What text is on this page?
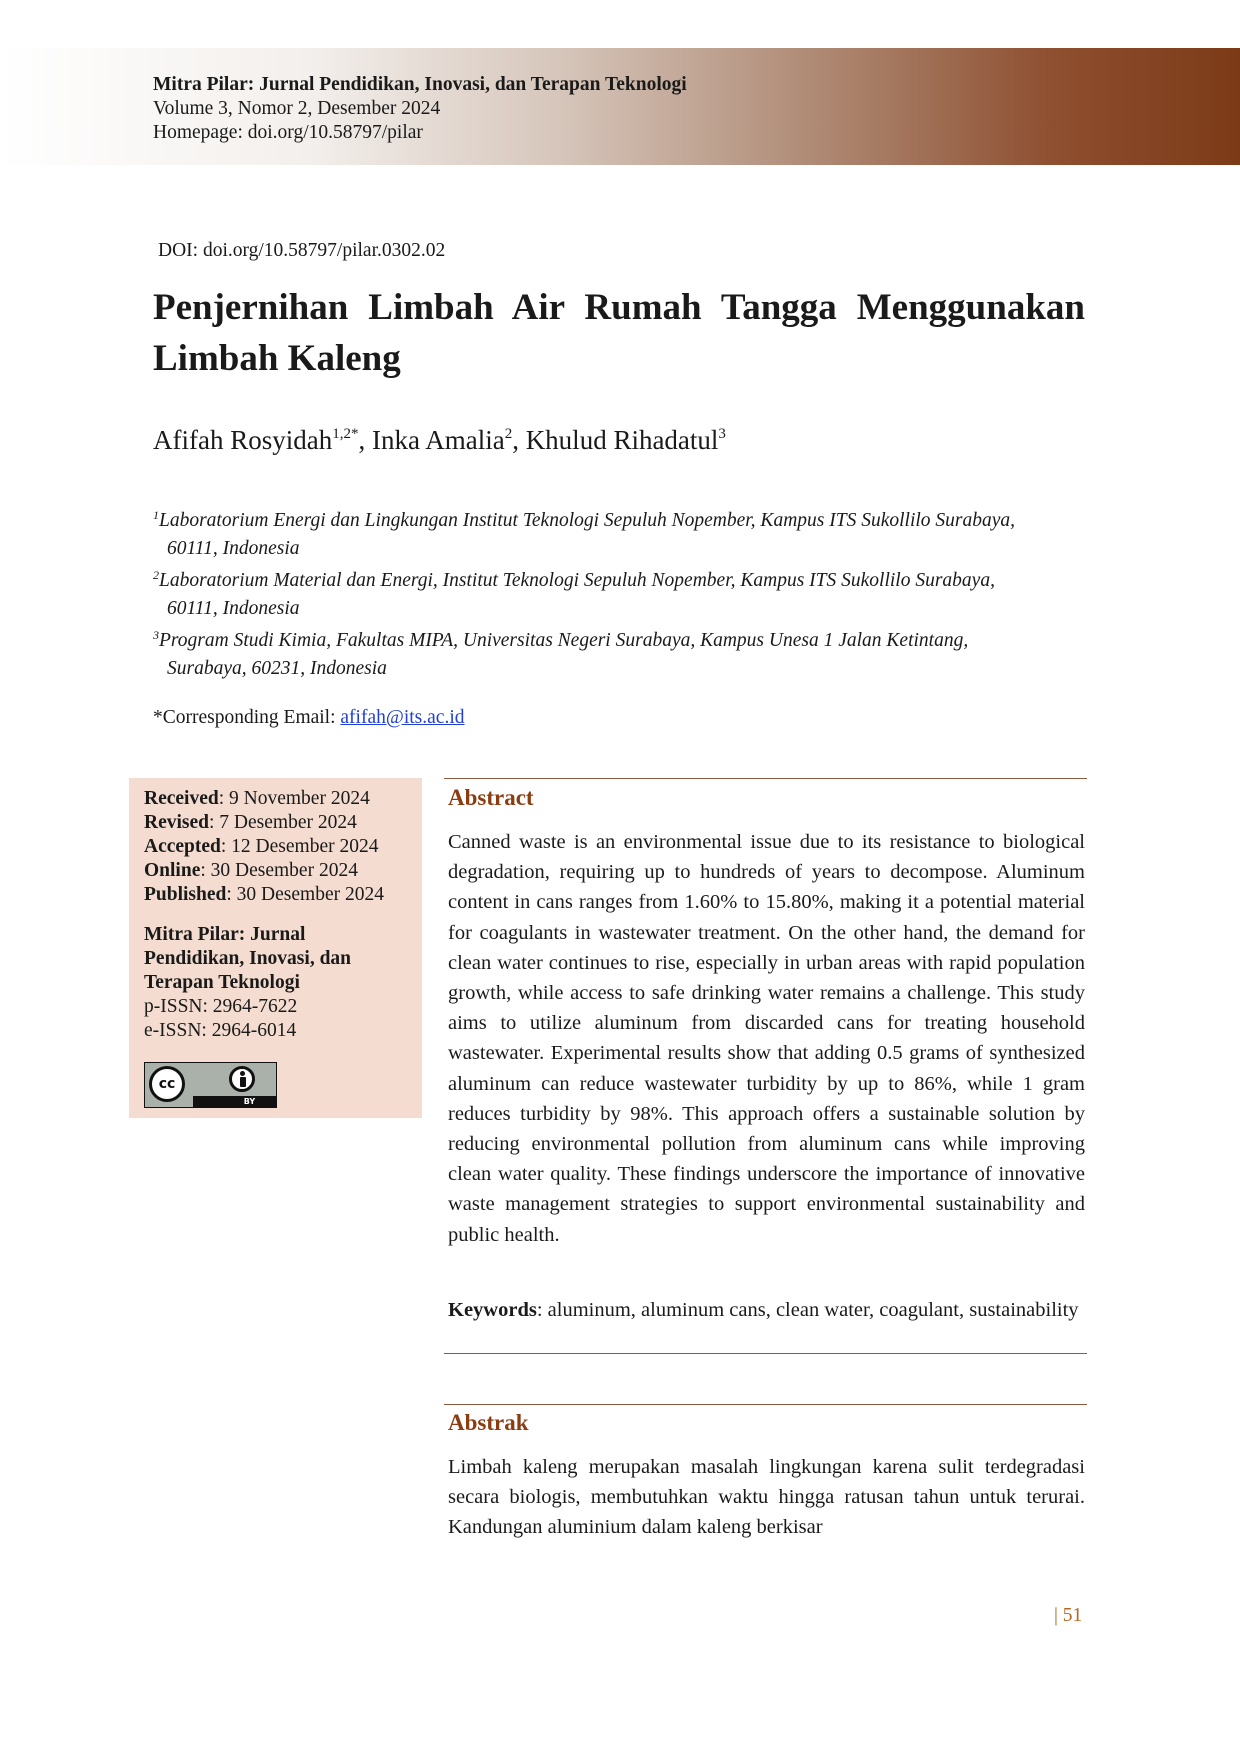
Mitra Pilar: Jurnal Pendidikan, Inovasi, dan Terapan Teknologi
Volume 3, Nomor 2, Desember 2024
Homepage: doi.org/10.58797/pilar
DOI: doi.org/10.58797/pilar.0302.02
Penjernihan Limbah Air Rumah Tangga Menggunakan Limbah Kaleng
Afifah Rosyidah$^{1,2*}$, Inka Amalia$^2$, Khulud Rihadatul$^3$
$^1$Laboratorium Energi dan Lingkungan Institut Teknologi Sepuluh Nopember, Kampus ITS Sukollilo Surabaya,
60111, Indonesia
$^2$Laboratorium Material dan Energi, Institut Teknologi Sepuluh Nopember, Kampus ITS Sukollilo Surabaya,
60111, Indonesia
$^3$Program Studi Kimia, Fakultas MIPA, Universitas Negeri Surabaya, Kampus Unesa 1 Jalan Ketintang,
Surabaya, 60231, Indonesia
*Corresponding Email: afifah@its.ac.id
Received: 9 November 2024
Revised: 7 Desember 2024
Accepted: 12 Desember 2024
Online: 30 Desember 2024
Published: 30 Desember 2024
Mitra Pilar: Jurnal Pendidikan, Inovasi, dan Terapan Teknologi
p-ISSN: 2964-7622
e-ISSN: 2964-6014
cc
BY
Abstract
Canned waste is an environmental issue due to its resistance to biological degradation, requiring up to hundreds of years to decompose. Aluminum content in cans ranges from 1.60% to 15.80%, making it a potential material for coagulants in wastewater treatment. On the other hand, the demand for clean water continues to rise, especially in urban areas with rapid population growth, while access to safe drinking water remains a challenge. This study aims to utilize aluminum from discarded cans for treating household wastewater. Experimental results show that adding 0.5 grams of synthesized aluminum can reduce wastewater turbidity by up to 86%, while 1 gram reduces turbidity by 98%. This approach offers a sustainable solution by reducing environmental pollution from aluminum cans while improving clean water quality. These findings underscore the importance of innovative waste management strategies to support environmental sustainability and public health.
Keywords: aluminum, aluminum cans, clean water, coagulant, sustainability
Abstrak
Limbah kaleng merupakan masalah lingkungan karena sulit terdegradasi secara biologis, membutuhkan waktu hingga ratusan tahun untuk terurai. Kandungan aluminium dalam kaleng berkisar
| 51
